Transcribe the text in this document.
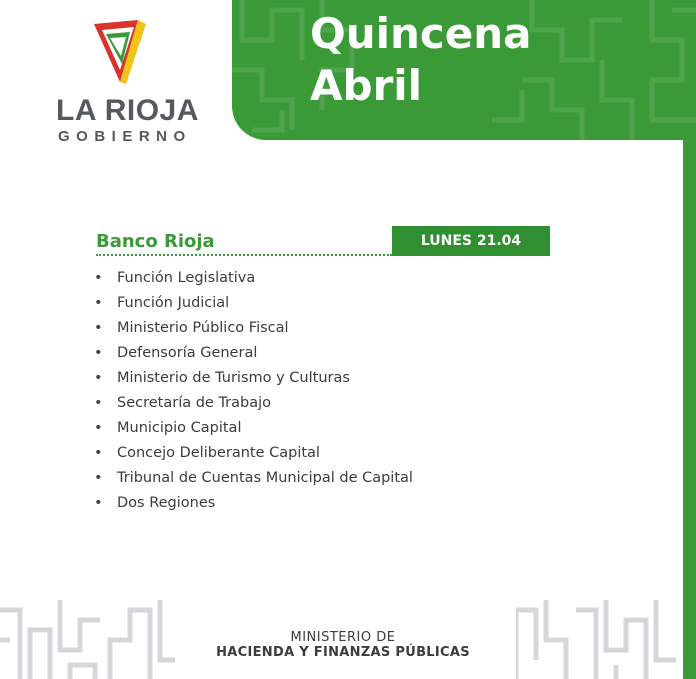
LA RIOJA
GOBIERNO
Quincena
Abril
Banco Rioja	LUNES 21.04
• Función Legislativa
• Función Judicial
• Ministerio Público Fiscal
• Defensoría General
• Ministerio de Turismo y Culturas
• Secretaría de Trabajo
• Municipio Capital
• Concejo Deliberante Capital
• Tribunal de Cuentas Municipal de Capital
• Dos Regiones
MINISTERIO DE
HACIENDA Y FINANZAS PÚBLICAS
